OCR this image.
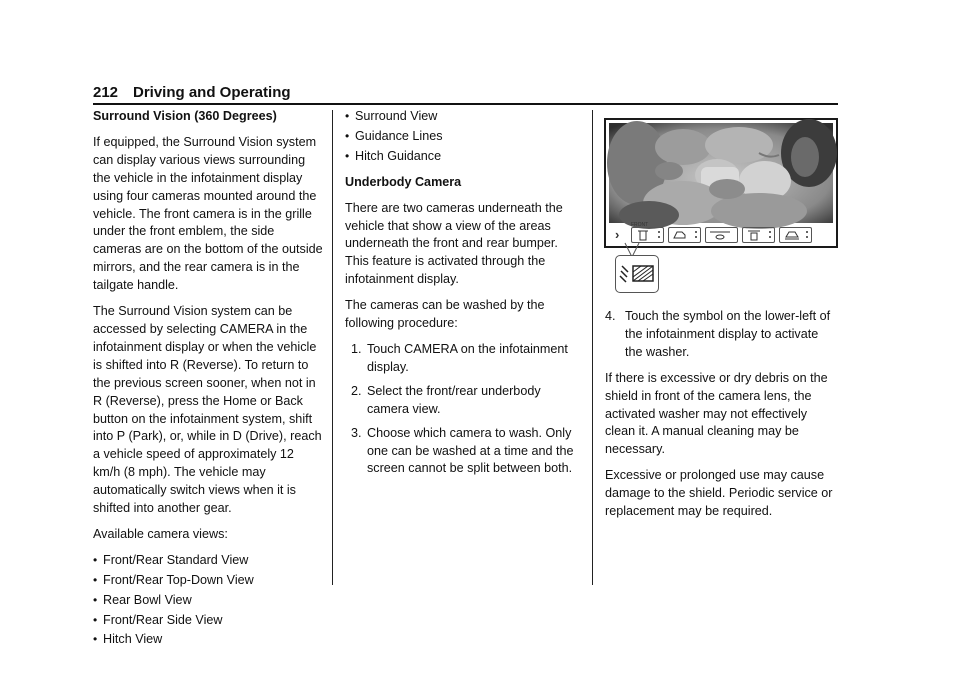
212 Driving and Operating

Surround Vision (360 Degrees)

If equipped, the Surround Vision system can display various views surrounding the vehicle in the infotainment display using four cameras mounted around the vehicle. The front camera is in the grille under the front emblem, the side cameras are on the bottom of the outside mirrors, and the rear camera is in the tailgate handle.

The Surround Vision system can be accessed by selecting CAMERA in the infotainment display or when the vehicle is shifted into R (Reverse). To return to the previous screen sooner, when not in R (Reverse), press the Home or Back button on the infotainment system, shift into P (Park), or, while in D (Drive), reach a vehicle speed of approximately 12 km/h (8 mph). The vehicle may automatically switch views when it is shifted into another gear.

Available camera views:

• Front/Rear Standard View
• Front/Rear Top-Down View
• Rear Bowl View
• Front/Rear Side View
• Hitch View
• Surround View
• Guidance Lines
• Hitch Guidance

Underbody Camera

There are two cameras underneath the vehicle that show a view of the areas underneath the front and rear bumper. This feature is activated through the infotainment display.

The cameras can be washed by the following procedure:

1. Touch CAMERA on the infotainment display.
2. Select the front/rear underbody camera view.
3. Choose which camera to wash. Only one can be washed at a time and the screen cannot be split between both.
FRONT
›
4. Touch the symbol on the lower-left of the infotainment display to activate the washer.

If there is excessive or dry debris on the shield in front of the camera lens, the activated washer may not effectively clean it. A manual cleaning may be necessary.

Excessive or prolonged use may cause damage to the shield. Periodic service or replacement may be required.
